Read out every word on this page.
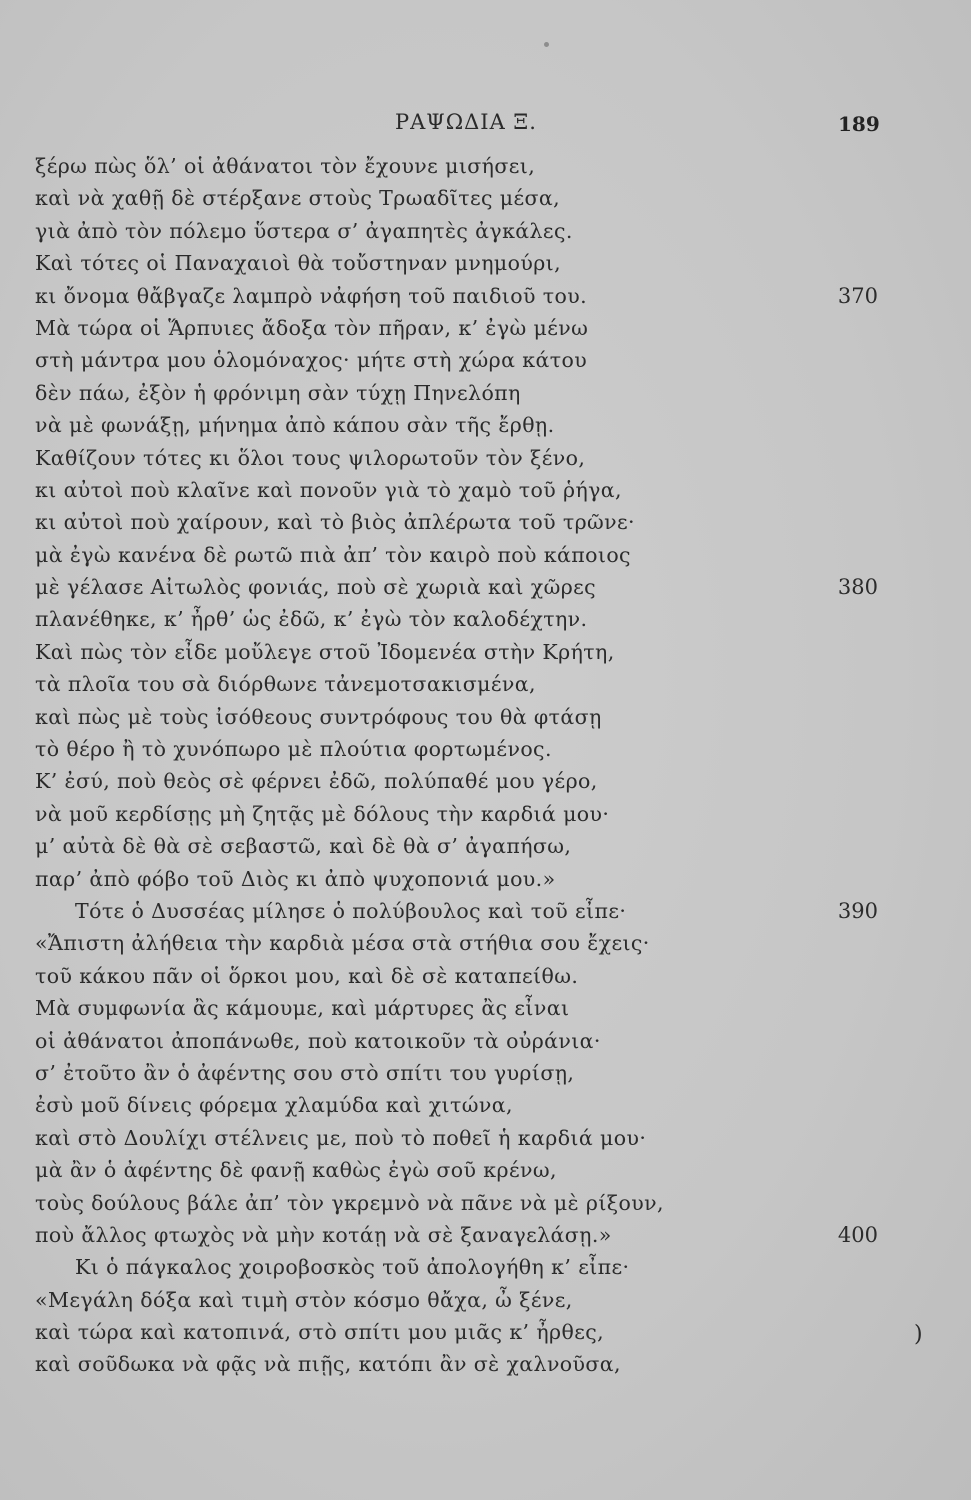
ΡΑΨΩΔΙΑ Ξ.	189
ξέρω πὼς ὅλ’ οἱ ἀθάνατοι τὸν ἔχουνε μισήσει,
καὶ νὰ χαθῇ δὲ στέρξανε στοὺς Τρωαδῖτες μέσα,
γιὰ ἀπὸ τὸν πόλεμο ὕστερα σ’ ἀγαπητὲς ἀγκάλες.
Καὶ τότες οἱ Παναχαιοὶ θὰ τοὔστηναν μνημούρι,
κι ὄνομα θἄβγαζε λαμπρὸ νἀφήση τοῦ παιδιοῦ του.	370
Μὰ τώρα οἱ Ἅρπυιες ἄδοξα τὸν πῆραν, κ’ ἐγὼ μένω
στὴ μάντρα μου ὁλομόναχος· μήτε στὴ χώρα κάτου
δὲν πάω, ἐξὸν ἡ φρόνιμη σὰν τύχῃ Πηνελόπη
νὰ μὲ φωνάξῃ, μήνημα ἀπὸ κάπου σὰν τῆς ἔρθῃ.
Καθίζουν τότες κι ὅλοι τους ψιλορωτοῦν τὸν ξένο,
κι αὐτοὶ ποὺ κλαῖνε καὶ πονοῦν γιὰ τὸ χαμὸ τοῦ ῥήγα,
κι αὐτοὶ ποὺ χαίρουν, καὶ τὸ βιὸς ἀπλέρωτα τοῦ τρῶνε·
μὰ ἐγὼ κανένα δὲ ρωτῶ πιὰ ἀπ’ τὸν καιρὸ ποὺ κάποιος
μὲ γέλασε Αἰτωλὸς φονιάς, ποὺ σὲ χωριὰ καὶ χῶρες	380
πλανέθηκε, κ’ ἦρθ’ ὡς ἐδῶ, κ’ ἐγὼ τὸν καλοδέχτην.
Καὶ πὼς τὸν εἶδε μοὔλεγε στοῦ Ἰδομενέα στὴν Κρήτη,
τὰ πλοῖα του σὰ διόρθωνε τἀνεμοτσακισμένα,
καὶ πὼς μὲ τοὺς ἰσόθεους συντρόφους του θὰ φτάσῃ
τὸ θέρο ἢ τὸ χυνόπωρο μὲ πλούτια φορτωμένος.
Κ’ ἐσύ, ποὺ θεὸς σὲ φέρνει ἐδῶ, πολύπαθέ μου γέρο,
νὰ μοῦ κερδίσῃς μὴ ζητᾷς μὲ δόλους τὴν καρδιά μου·
μ’ αὐτὰ δὲ θὰ σὲ σεβαστῶ, καὶ δὲ θὰ σ’ ἀγαπήσω,
παρ’ ἀπὸ φόβο τοῦ Διὸς κι ἀπὸ ψυχοπονιά μου.»
Τότε ὁ Δυσσέας μίλησε ὁ πολύβουλος καὶ τοῦ εἶπε·	390
«Ἄπιστη ἀλήθεια τὴν καρδιὰ μέσα στὰ στήθια σου ἔχεις·
τοῦ κάκου πᾶν οἱ ὅρκοι μου, καὶ δὲ σὲ καταπείθω.
Μὰ συμφωνία ἂς κάμουμε, καὶ μάρτυρες ἂς εἶναι
οἱ ἀθάνατοι ἀποπάνωθε, ποὺ κατοικοῦν τὰ οὐράνια·
σ’ ἐτοῦτο ἂν ὁ ἀφέντης σου στὸ σπίτι του γυρίσῃ,
ἐσὺ μοῦ δίνεις φόρεμα χλαμύδα καὶ χιτώνα,
καὶ στὸ Δουλίχι στέλνεις με, ποὺ τὸ ποθεῖ ἡ καρδιά μου·
μὰ ἂν ὁ ἀφέντης δὲ φανῇ καθὼς ἐγὼ σοῦ κρένω,
τοὺς δούλους βάλε ἀπ’ τὸν γκρεμνὸ νὰ πᾶνε νὰ μὲ ρίξουν,
ποὺ ἄλλος φτωχὸς νὰ μὴν κοτάῃ νὰ σὲ ξαναγελάσῃ.»	400
Κι ὁ πάγκαλος χοιροβοσκὸς τοῦ ἀπολογήθη κ’ εἶπε·
«Μεγάλη δόξα καὶ τιμὴ στὸν κόσμο θἄχα, ὦ ξένε,
καὶ τώρα καὶ κατοπινά, στὸ σπίτι μου μιᾶς κ’ ἦρθες,
καὶ σοῦδωκα νὰ φᾷς νὰ πιῇς, κατόπι ἂν σὲ χαλνοῦσα,
)
